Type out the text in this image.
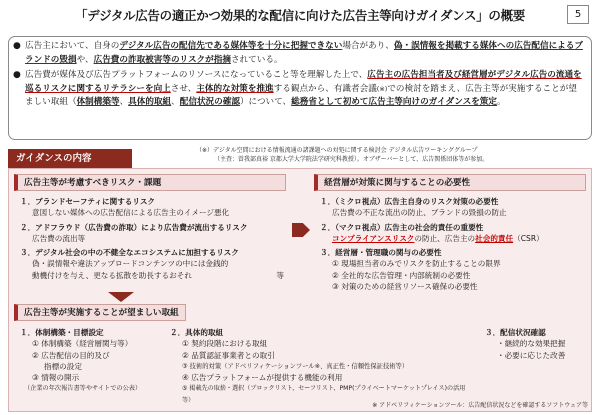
「デジタル広告の適正かつ効果的な配信に向けた広告主等向けガイダンス」の概要	5

● 広告主において、自身のデジタル広告の配信先である媒体等を十分に把握できない場合があり、偽・誤情報を掲載する媒体への広告配信によるブランドの毀損や、広告費の詐取被害等のリスクが指摘されている。

● 広告費が媒体及び広告プラットフォームのリソースになっていること等を理解した上で、広告主の広告担当者及び経営層がデジタル広告の流通を巡るリスクに関するリテラシーを向上させ、主体的な対策を推進する観点から、有識者会議(※)での検討を踏まえ、広告主等が実施することが望ましい取組（体制構築等、具体的取組、配信状況の確認）について、総務省として初めて広告主等向けのガイダンスを策定。

ガイダンスの内容
（※）デジタル空間における情報流通の諸課題への対処に関する検討会 デジタル広告ワーキンググループ
（主査：曽我部真裕 京都大学大学院法学研究科教授）。オブザーバーとして、広告関係団体等が参加。
広告主等が考慮すべきリスク・課題
１．ブランドセーフティに関するリスク
意図しない媒体への広告配信による広告主のイメージ悪化
２．アドフラウド（広告費の詐取）により広告費が流出するリスク
広告費の流出等
３．デジタル社会の中の不健全なエコシステムに加担するリスク
偽・誤情報や違法アップロードコンテンツの中には金銭的
動機付けを与え、更なる拡散を助長するおそれ	等
経営層が対策に関与することの必要性
１．（ミクロ視点）広告主自身のリスク対策の必要性
広告費の不正な流出の防止、ブランドの毀損の防止
２．（マクロ視点）広告主の社会的責任の重要性
コンプライアンスリスクの防止、広告主の社会的責任（CSR）
３．経営層・管理職の関与の必要性
① 現場担当者のみでリスクを防止することの限界
② 全社的な広告管理・内部統制の必要性
③ 対策のための経営リソース確保の必要性
広告主等が実施することが望ましい取組
１．体制構築・目標設定
① 体制構築（経営層関与等）
② 広告配信の目的及び
指標の設定
③ 情報の開示
（企業の年次報告書等やサイトでの公表）
２．具体的取組
① 契約段階における取組
② 品質認証事業者との取引
③ 技術的対策（アドベリフィケーションツール※、真正性・信頼性保証技術等）
④ 広告プラットフォームが提供する機能の利用
⑤ 掲載先の取捨・選択（ブロックリスト、セーフリスト、PMP(プライベートマーケットプレイス)の活用等）
３．配信状況確認
・継続的な効果把握
・必要に応じた改善
※ アドベリフィケーションツール：広告配信状況などを確認するソフトウェア等
